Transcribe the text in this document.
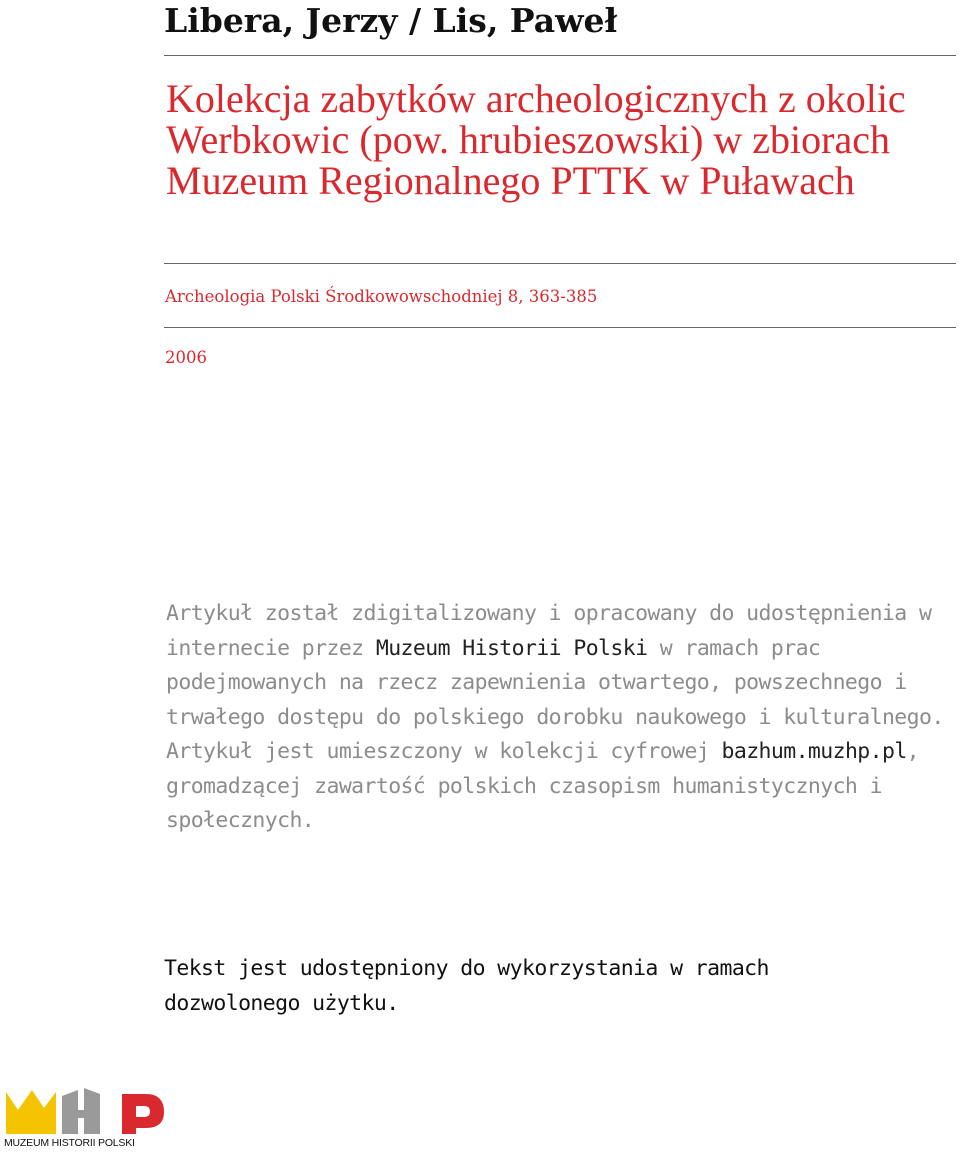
Libera, Jerzy / Lis, Paweł
Kolekcja zabytków archeologicznych z okolic Werbkowic (pow. hrubieszowski) w zbiorach Muzeum Regionalnego PTTK w Puławach

Archeologia Polski Środkowowschodniej 8, 363-385

2006

Artykuł został zdigitalizowany i opracowany do udostępnienia w internecie przez Muzeum Historii Polski w ramach prac podejmowanych na rzecz zapewnienia otwartego, powszechnego i trwałego dostępu do polskiego dorobku naukowego i kulturalnego. Artykuł jest umieszczony w kolekcji cyfrowej bazhum.muzhp.pl, gromadzącej zawartość polskich czasopism humanistycznych i społecznych.

Tekst jest udostępniony do wykorzystania w ramach dozwolonego użytku.

MUZEUM HISTORII POLSKI
